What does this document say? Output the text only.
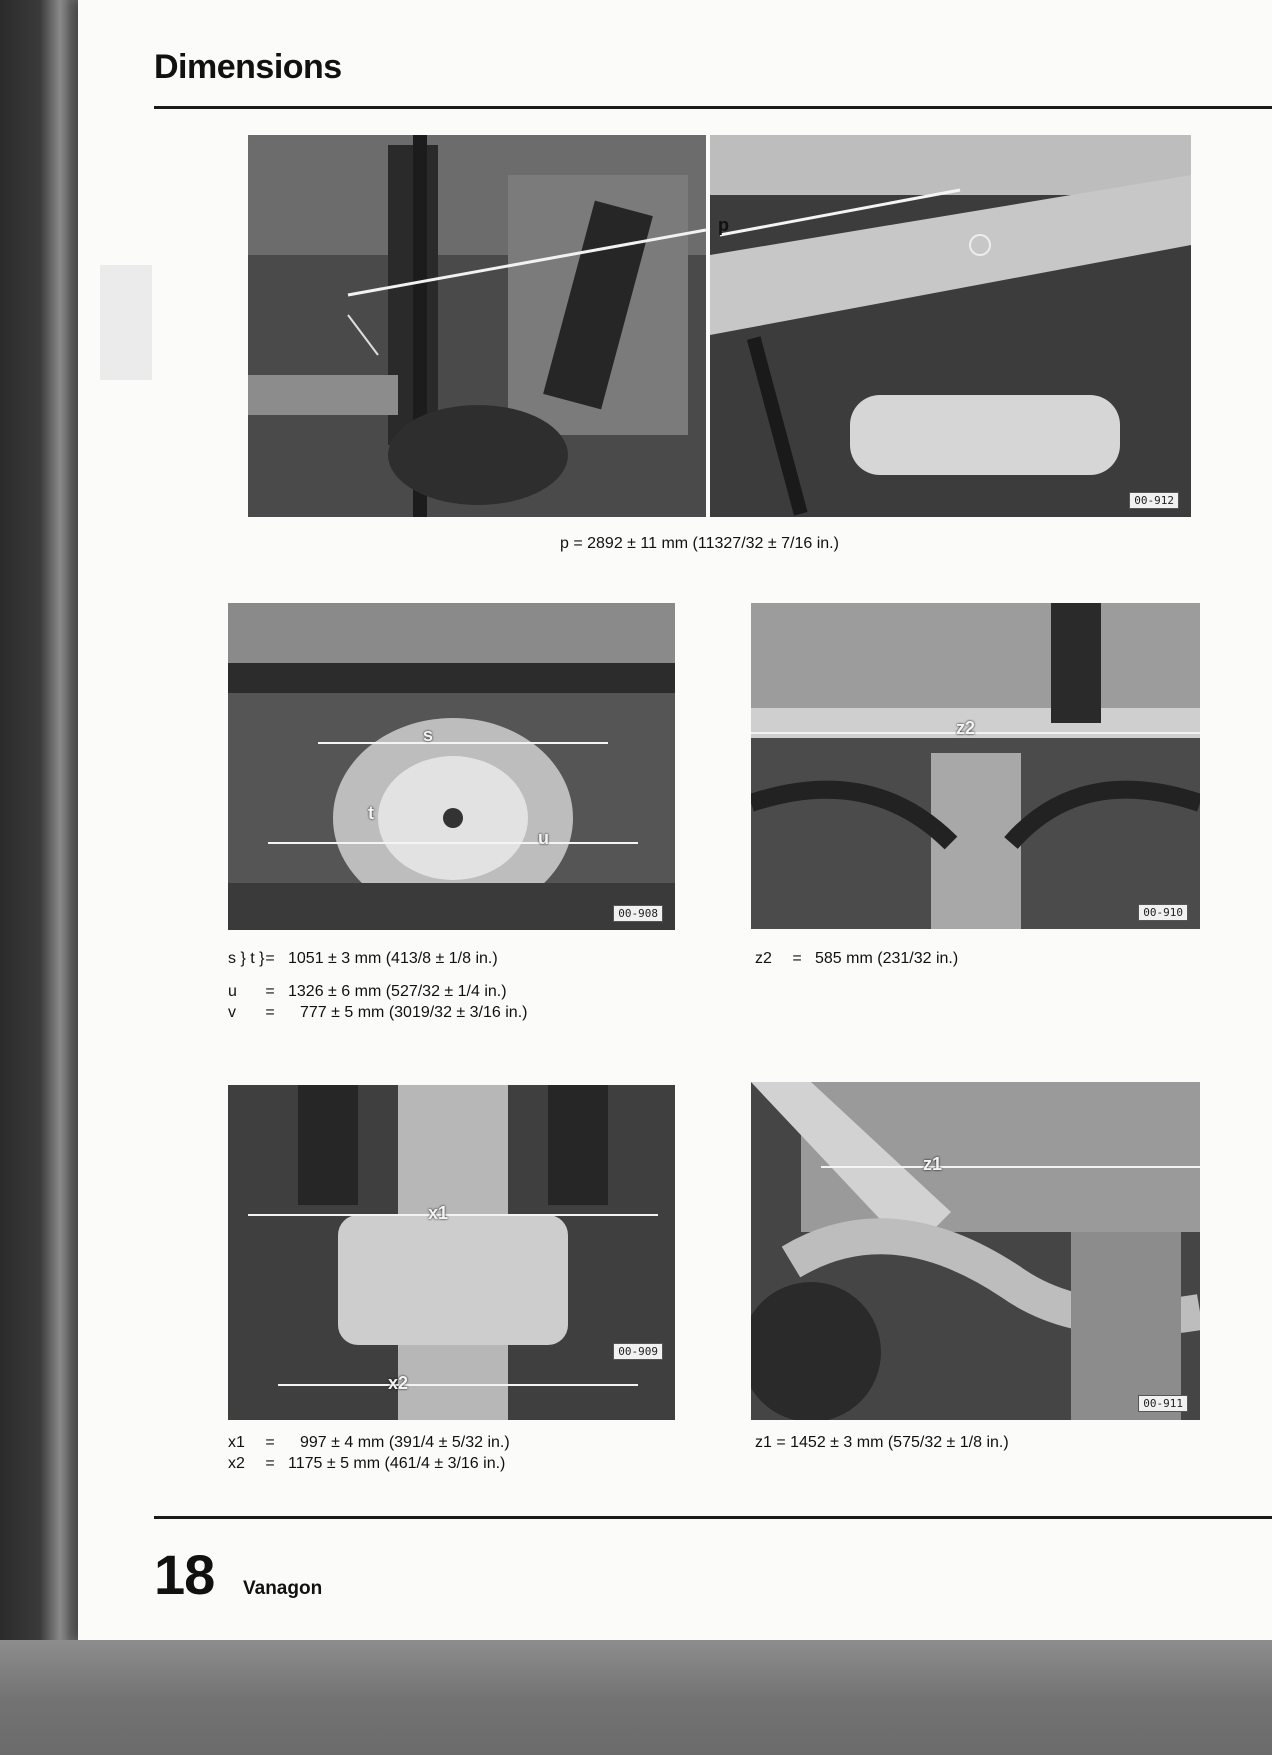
Dimensions
p
00-912
p = 2892 ± 11 mm (11327/32 ± 7/16 in.)
s
t
u
00-908
z2
00-910
s } t } = 1051 ± 3 mm (413/8 ± 1/8 in.)
u	= 1326 ± 6 mm (527/32 ± 1/4 in.)
v	=	777 ± 5 mm (3019/32 ± 3/16 in.)
z2	= 585 mm (231/32 in.)
x1
x2
00-909
z1
00-911
x1	=	997 ± 4 mm (391/4 ± 5/32 in.)
x2	= 1175 ± 5 mm (461/4 ± 3/16 in.)
z1 = 1452 ± 3 mm (575/32 ± 1/8 in.)
18 Vanagon
